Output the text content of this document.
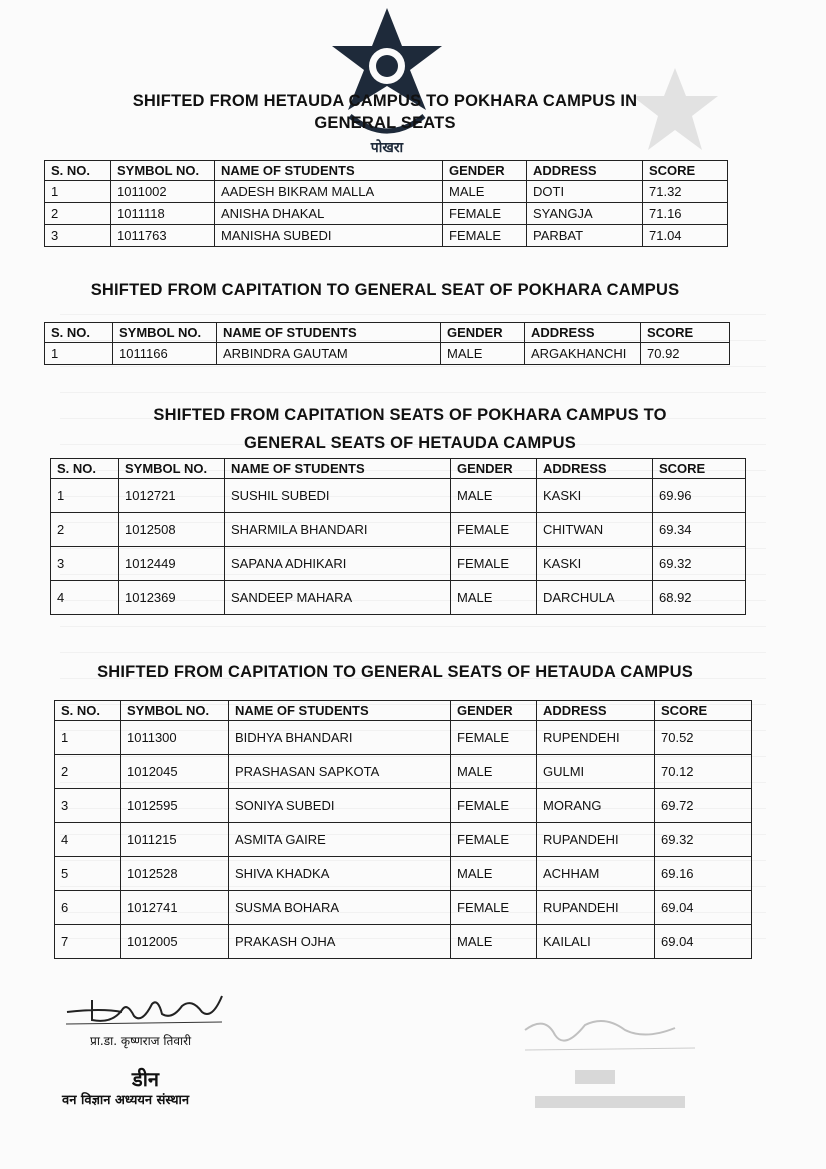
पोखरा
SHIFTED FROM HETAUDA CAMPUS TO POKHARA CAMPUS IN
GENERAL SEATS
S. NO.	SYMBOL NO.	NAME OF STUDENTS	GENDER	ADDRESS	SCORE
1	1011002	AADESH BIKRAM MALLA	MALE	DOTI	71.32
2	1011118	ANISHA DHAKAL	FEMALE	SYANGJA	71.16
3	1011763	MANISHA SUBEDI	FEMALE	PARBAT	71.04
SHIFTED FROM CAPITATION TO GENERAL SEAT OF POKHARA CAMPUS
S. NO.	SYMBOL NO.	NAME OF STUDENTS	GENDER	ADDRESS	SCORE
1	1011166	ARBINDRA GAUTAM	MALE	ARGAKHANCHI	70.92
SHIFTED FROM CAPITATION SEATS OF POKHARA CAMPUS TO
GENERAL SEATS OF HETAUDA CAMPUS
S. NO.	SYMBOL NO.	NAME OF STUDENTS	GENDER	ADDRESS	SCORE
1	1012721	SUSHIL SUBEDI	MALE	KASKI	69.96
2	1012508	SHARMILA BHANDARI	FEMALE	CHITWAN	69.34
3	1012449	SAPANA ADHIKARI	FEMALE	KASKI	69.32
4	1012369	SANDEEP MAHARA	MALE	DARCHULA	68.92
SHIFTED FROM CAPITATION TO GENERAL SEATS OF HETAUDA CAMPUS
S. NO.	SYMBOL NO.	NAME OF STUDENTS	GENDER	ADDRESS	SCORE
1	1011300	BIDHYA BHANDARI	FEMALE	RUPENDEHI	70.52
2	1012045	PRASHASAN SAPKOTA	MALE	GULMI	70.12
3	1012595	SONIYA SUBEDI	FEMALE	MORANG	69.72
4	1011215	ASMITA GAIRE	FEMALE	RUPANDEHI	69.32
5	1012528	SHIVA KHADKA	MALE	ACHHAM	69.16
6	1012741	SUSMA BOHARA	FEMALE	RUPANDEHI	69.04
7	1012005	PRAKASH OJHA	MALE	KAILALI	69.04
प्रा.डा. कृष्णराज तिवारी
डीन
वन विज्ञान अध्ययन संस्थान
